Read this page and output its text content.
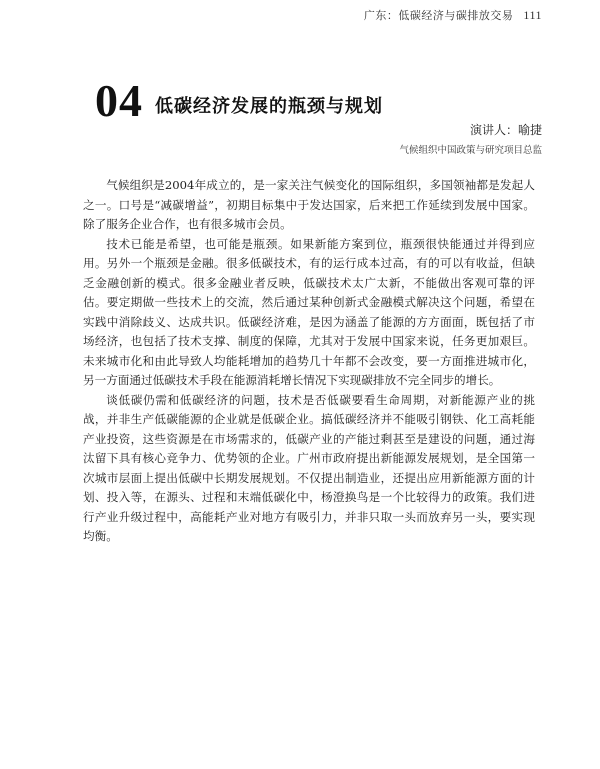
广东：低碳经济与碳排放交易 111
04 低碳经济发展的瓶颈与规划
演讲人：喻捷
气候组织中国政策与研究项目总监

气候组织是2004年成立的，是一家关注气候变化的国际组织，多国领袖都是发起人之一。口号是“减碳增益”，初期目标集中于发达国家，后来把工作延续到发展中国家。除了服务企业合作，也有很多城市会员。

技术已能是希望，也可能是瓶颈。如果新能方案到位，瓶颈很快能通过并得到应用。另外一个瓶颈是金融。很多低碳技术，有的运行成本过高，有的可以有收益，但缺乏金融创新的模式。很多金融业者反映，低碳技术太广太新，不能做出客观可靠的评估。要定期做一些技术上的交流，然后通过某种创新式金融模式解决这个问题，希望在实践中消除歧义、达成共识。低碳经济难，是因为涵盖了能源的方方面面，既包括了市场经济，也包括了技术支撑、制度的保障，尤其对于发展中国家来说，任务更加艰巨。未来城市化和由此导致人均能耗增加的趋势几十年都不会改变，要一方面推进城市化，另一方面通过低碳技术手段在能源消耗增长情况下实现碳排放不完全同步的增长。

谈低碳仍需和低碳经济的问题，技术是否低碳要看生命周期，对新能源产业的挑战，并非生产低碳能源的企业就是低碳企业。搞低碳经济并不能吸引钢铁、化工高耗能产业投资，这些资源是在市场需求的，低碳产业的产能过剩甚至是建设的问题，通过海汰留下具有核心竞争力、优势领的企业。广州市政府提出新能源发展规划，是全国第一次城市层面上提出低碳中长期发展规划。不仅提出制造业，还提出应用新能源方面的计划、投入等，在源头、过程和末端低碳化中，杨澄换鸟是一个比较得力的政策。我们进行产业升级过程中，高能耗产业对地方有吸引力，并非只取一头而放弃另一头，要实现均衡。
